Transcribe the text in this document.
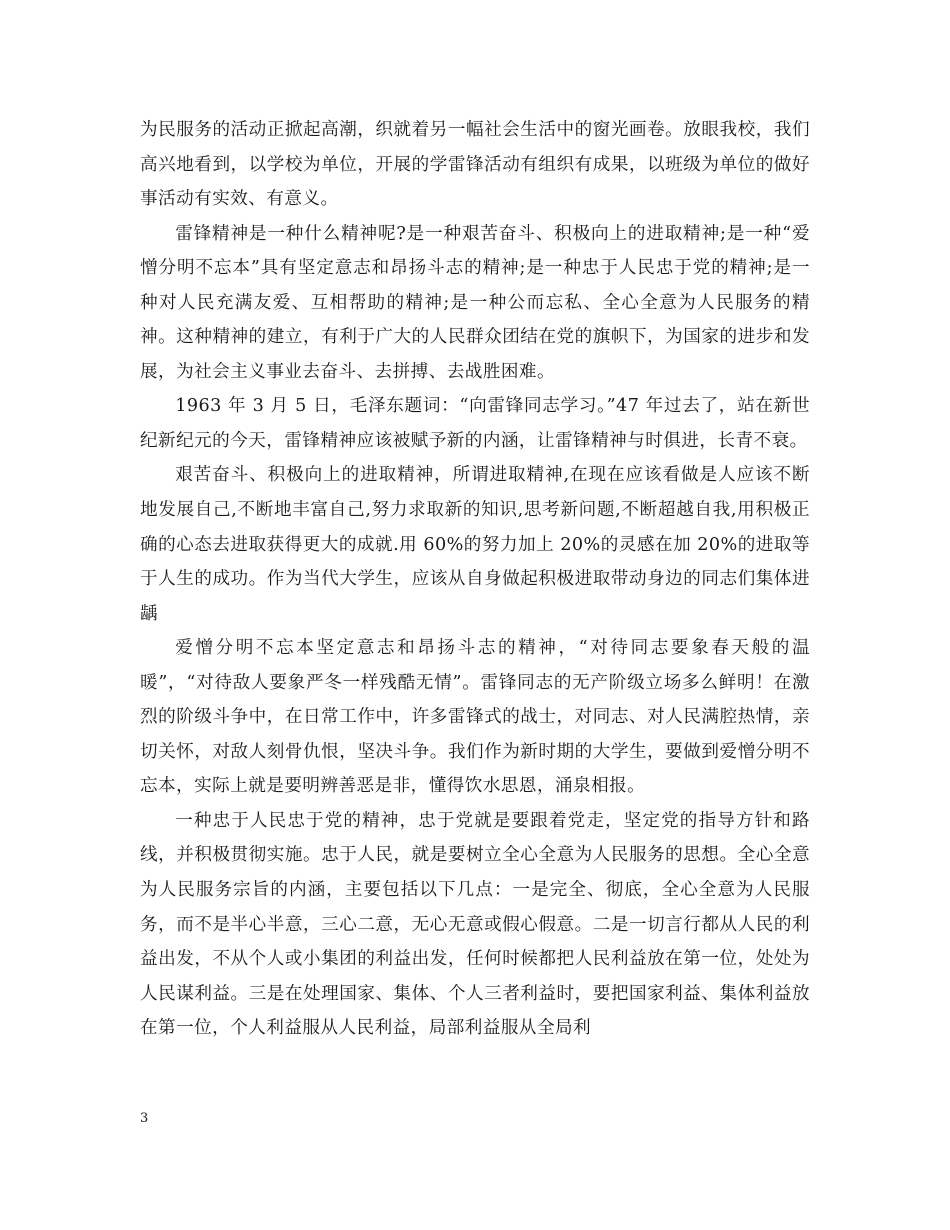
为民服务的活动正掀起高潮，织就着另一幅社会生活中的窗光画卷。放眼我校，我们高兴地看到，以学校为单位，开展的学雷锋活动有组织有成果，以班级为单位的做好事活动有实效、有意义。

雷锋精神是一种什么精神呢?是一种艰苦奋斗、积极向上的进取精神;是一种“爱憎分明不忘本”具有坚定意志和昂扬斗志的精神;是一种忠于人民忠于党的精神;是一种对人民充满友爱、互相帮助的精神;是一种公而忘私、全心全意为人民服务的精神。这种精神的建立，有利于广大的人民群众团结在党的旗帜下，为国家的进步和发展，为社会主义事业去奋斗、去拼搏、去战胜困难。

1963 年 3 月 5 日，毛泽东题词：“向雷锋同志学习。”47 年过去了，站在新世纪新纪元的今天，雷锋精神应该被赋予新的内涵，让雷锋精神与时俱进，长青不衰。

艰苦奋斗、积极向上的进取精神，所谓进取精神,在现在应该看做是人应该不断地发展自己,不断地丰富自己,努力求取新的知识,思考新问题,不断超越自我,用积极正确的心态去进取获得更大的成就.用 60%的努力加上 20%的灵感在加 20%的进取等于人生的成功。作为当代大学生，应该从自身做起积极进取带动身边的同志们集体进龋

爱憎分明不忘本坚定意志和昂扬斗志的精神，“对待同志要象春天般的温暖”，“对待敌人要象严冬一样残酷无情”。雷锋同志的无产阶级立场多么鲜明！在激烈的阶级斗争中，在日常工作中，许多雷锋式的战士，对同志、对人民满腔热情，亲切关怀，对敌人刻骨仇恨，坚决斗争。我们作为新时期的大学生，要做到爱憎分明不忘本，实际上就是要明辨善恶是非，懂得饮水思恩，涌泉相报。

一种忠于人民忠于党的精神，忠于党就是要跟着党走，坚定党的指导方针和路线，并积极贯彻实施。忠于人民，就是要树立全心全意为人民服务的思想。全心全意为人民服务宗旨的内涵，主要包括以下几点：一是完全、彻底，全心全意为人民服务，而不是半心半意，三心二意，无心无意或假心假意。二是一切言行都从人民的利益出发，不从个人或小集团的利益出发，任何时候都把人民利益放在第一位，处处为人民谋利益。三是在处理国家、集体、个人三者利益时，要把国家利益、集体利益放在第一位，个人利益服从人民利益，局部利益服从全局利

3
